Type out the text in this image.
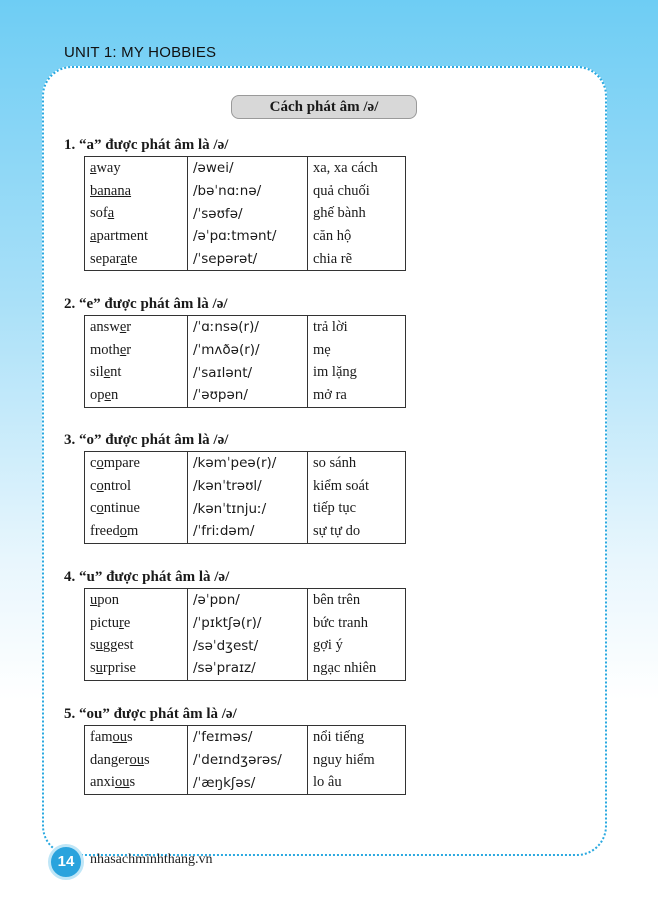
UNIT 1: MY HOBBIES
Cách phát âm /ə/
1. “a” được phát âm là /ə/
away	/əwei/	xa, xa cách
banana	/bəˈnɑːnə/	quả chuối
sofa	/ˈsəʊfə/	ghế bành
apartment	/əˈpɑːtmənt/	căn hộ
separate	/ˈsepərət/	chia rẽ
2. “e” được phát âm là /ə/
answer	/ˈɑːnsə(r)/	trả lời
mother	/ˈmʌðə(r)/	mẹ
silent	/ˈsaɪlənt/	im lặng
open	/ˈəʊpən/	mở ra
3. “o” được phát âm là /ə/
compare	/kəmˈpeə(r)/	so sánh
control	/kənˈtrəʊl/	kiểm soát
continue	/kənˈtɪnjuː/	tiếp tục
freedom	/ˈfriːdəm/	sự tự do
4. “u” được phát âm là /ə/
upon	/əˈpɒn/	bên trên
picture	/ˈpɪktʃə(r)/	bức tranh
suggest	/səˈdʒest/	gợi ý
surprise	/səˈpraɪz/	ngạc nhiên
5. “ou” được phát âm là /ə/
famous	/ˈfeɪməs/	nổi tiếng
dangerous	/ˈdeɪndʒərəs/	nguy hiểm
anxious	/ˈæŋkʃəs/	lo âu
14	nhasachminhthang.vn
